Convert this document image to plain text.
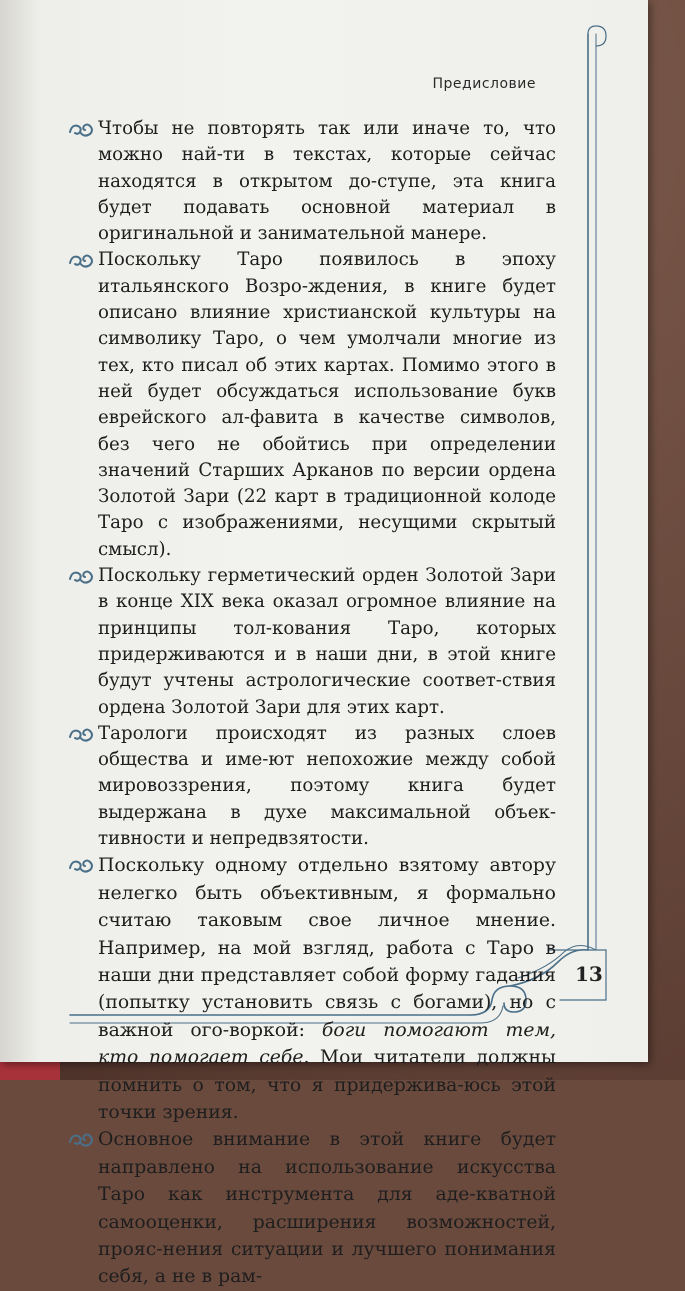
Предисловие
Чтобы не повторять так или иначе то, что можно най-ти в текстах, которые сейчас находятся в открытом до-ступе, эта книга будет подавать основной материал в оригинальной и занимательной манере.
Поскольку Таро появилось в эпоху итальянского Возро-ждения, в книге будет описано влияние христианской культуры на символику Таро, о чем умолчали многие из тех, кто писал об этих картах. Помимо этого в ней будет обсуждаться использование букв еврейского ал-фавита в качестве символов, без чего не обойтись при определении значений Старших Арканов по версии ордена Золотой Зари (22 карт в традиционной колоде Таро с изображениями, несущими скрытый смысл).
Поскольку герметический орден Золотой Зари в конце XIX века оказал огромное влияние на принципы тол-кования Таро, которых придерживаются и в наши дни, в этой книге будут учтены астрологические соответ-ствия ордена Золотой Зари для этих карт.
Тарологи происходят из разных слоев общества и име-ют непохожие между собой мировоззрения, поэтому книга будет выдержана в духе максимальной объек-тивности и непредвзятости.
Поскольку одному отдельно взятому автору нелегко быть объективным, я формально считаю таковым свое личное мнение. Например, на мой взгляд, работа с Таро в наши дни представляет собой форму гадания (попытку установить связь с богами), но с важной ого-воркой: боги помогают тем, кто помогает себе. Мои читатели должны помнить о том, что я придержива-юсь этой точки зрения.
Основное внимание в этой книге будет направлено на использование искусства Таро как инструмента для аде-кватной самооценки, расширения возможностей, прояс-нения ситуации и лучшего понимания себя, а не в рам-
13
